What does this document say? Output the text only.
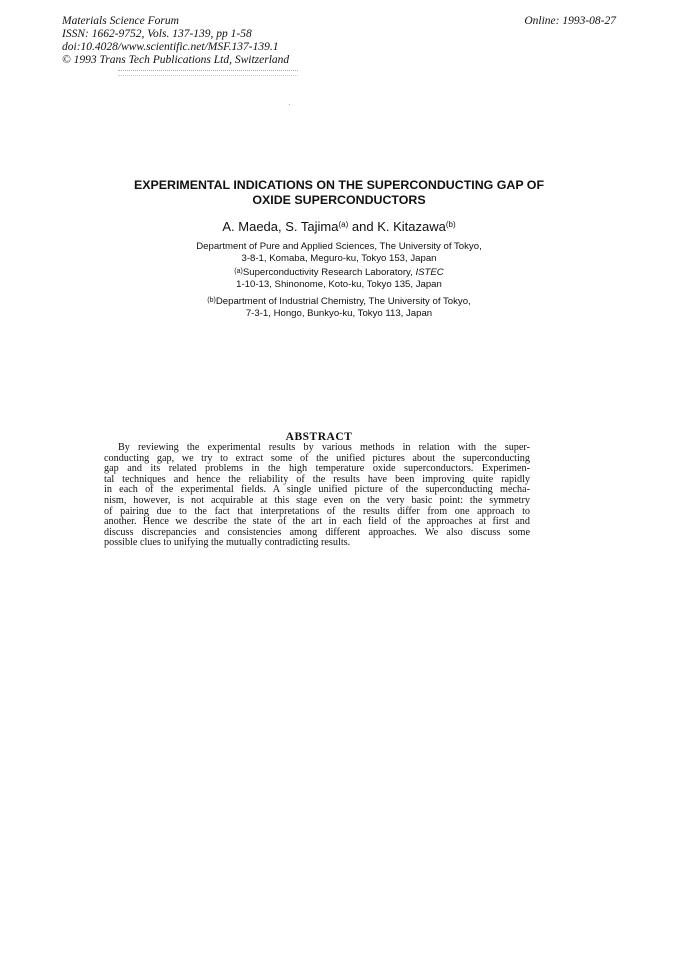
Materials Science Forum
ISSN: 1662-9752, Vols. 137-139, pp 1-58
doi:10.4028/www.scientific.net/MSF.137-139.1
© 1993 Trans Tech Publications Ltd, Switzerland
Online: 1993-08-27
EXPERIMENTAL INDICATIONS ON THE SUPERCONDUCTING GAP OF
OXIDE SUPERCONDUCTORS
A. Maeda, S. Tajima$^{(a)}$ and K. Kitazawa$^{(b)}$
Department of Pure and Applied Sciences, The University of Tokyo,
3-8-1, Komaba, Meguro-ku, Tokyo 153, Japan
$^{(a)}$Superconductivity Research Laboratory, ISTEC
1-10-13, Shinonome, Koto-ku, Tokyo 135, Japan
$^{(b)}$Department of Industrial Chemistry, The University of Tokyo,
7-3-1, Hongo, Bunkyo-ku, Tokyo 113, Japan
ABSTRACT
By reviewing the experimental results by various methods in relation with the super-
conducting gap, we try to extract some of the unified pictures about the superconducting
gap and its related problems in the high temperature oxide superconductors. Experimen-
tal techniques and hence the reliability of the results have been improving quite rapidly
in each of the experimental fields. A single unified picture of the superconducting mecha-
nism, however, is not acquirable at this stage even on the very basic point: the symmetry
of pairing due to the fact that interpretations of the results differ from one approach to
another. Hence we describe the state of the art in each field of the approaches at first and
discuss discrepancies and consistencies among different approaches. We also discuss some
possible clues to unifying the mutually contradicting results.
